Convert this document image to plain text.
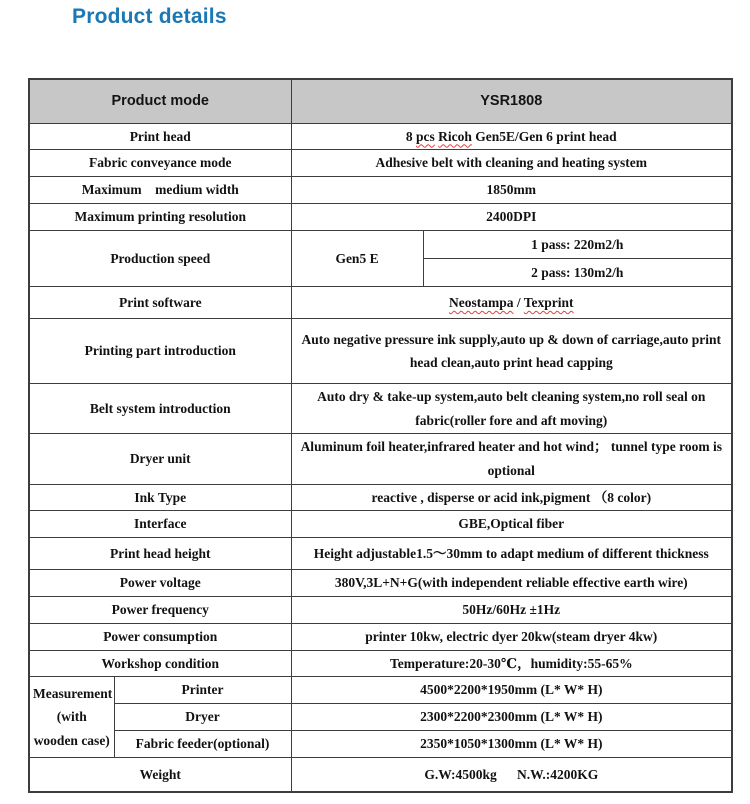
Product details
Product mode		YSR1808	
Print head		8 pcs Ricoh Gen5E/Gen 6 print head	
Fabric conveyance mode		Adhesive belt with cleaning and heating system	
Maximum    medium width		1850mm	
Maximum printing resolution		2400DPI	
Production speed		Gen5 E	1 pass: 220m2/h
			2 pass: 130m2/h
Print software		Neostampa / Texprint	
Printing part introduction		Auto negative pressure ink supply,auto up & down of carriage,auto print head clean,auto print head capping	
Belt system introduction		Auto dry & take-up system,auto belt cleaning system,no roll seal on fabric(roller fore and aft moving)	
Dryer unit		Aluminum foil heater,infrared heater and hot wind； tunnel type room is optional	
Ink Type		reactive , disperse or acid ink,pigment （8 color)	
Interface		GBE,Optical fiber	
Print head height		Height adjustable1.5～30mm to adapt medium of different thickness	
Power voltage		380V,3L+N+G(with independent reliable effective earth wire)	
Power frequency		50Hz/60Hz ±1Hz	
Power consumption		printer 10kw, electric dyer 20kw(steam dryer 4kw)	
Workshop condition		Temperature:20-30℃，humidity:55-65%	
Measurement (with wooden case)	Printer	4500*2200*1950mm (L* W* H)	
	Dryer	2300*2200*2300mm (L* W* H)	
	Fabric feeder(optional)	2350*1050*1300mm (L* W* H)	
Weight		G.W:4500kg      N.W.:4200KG	
